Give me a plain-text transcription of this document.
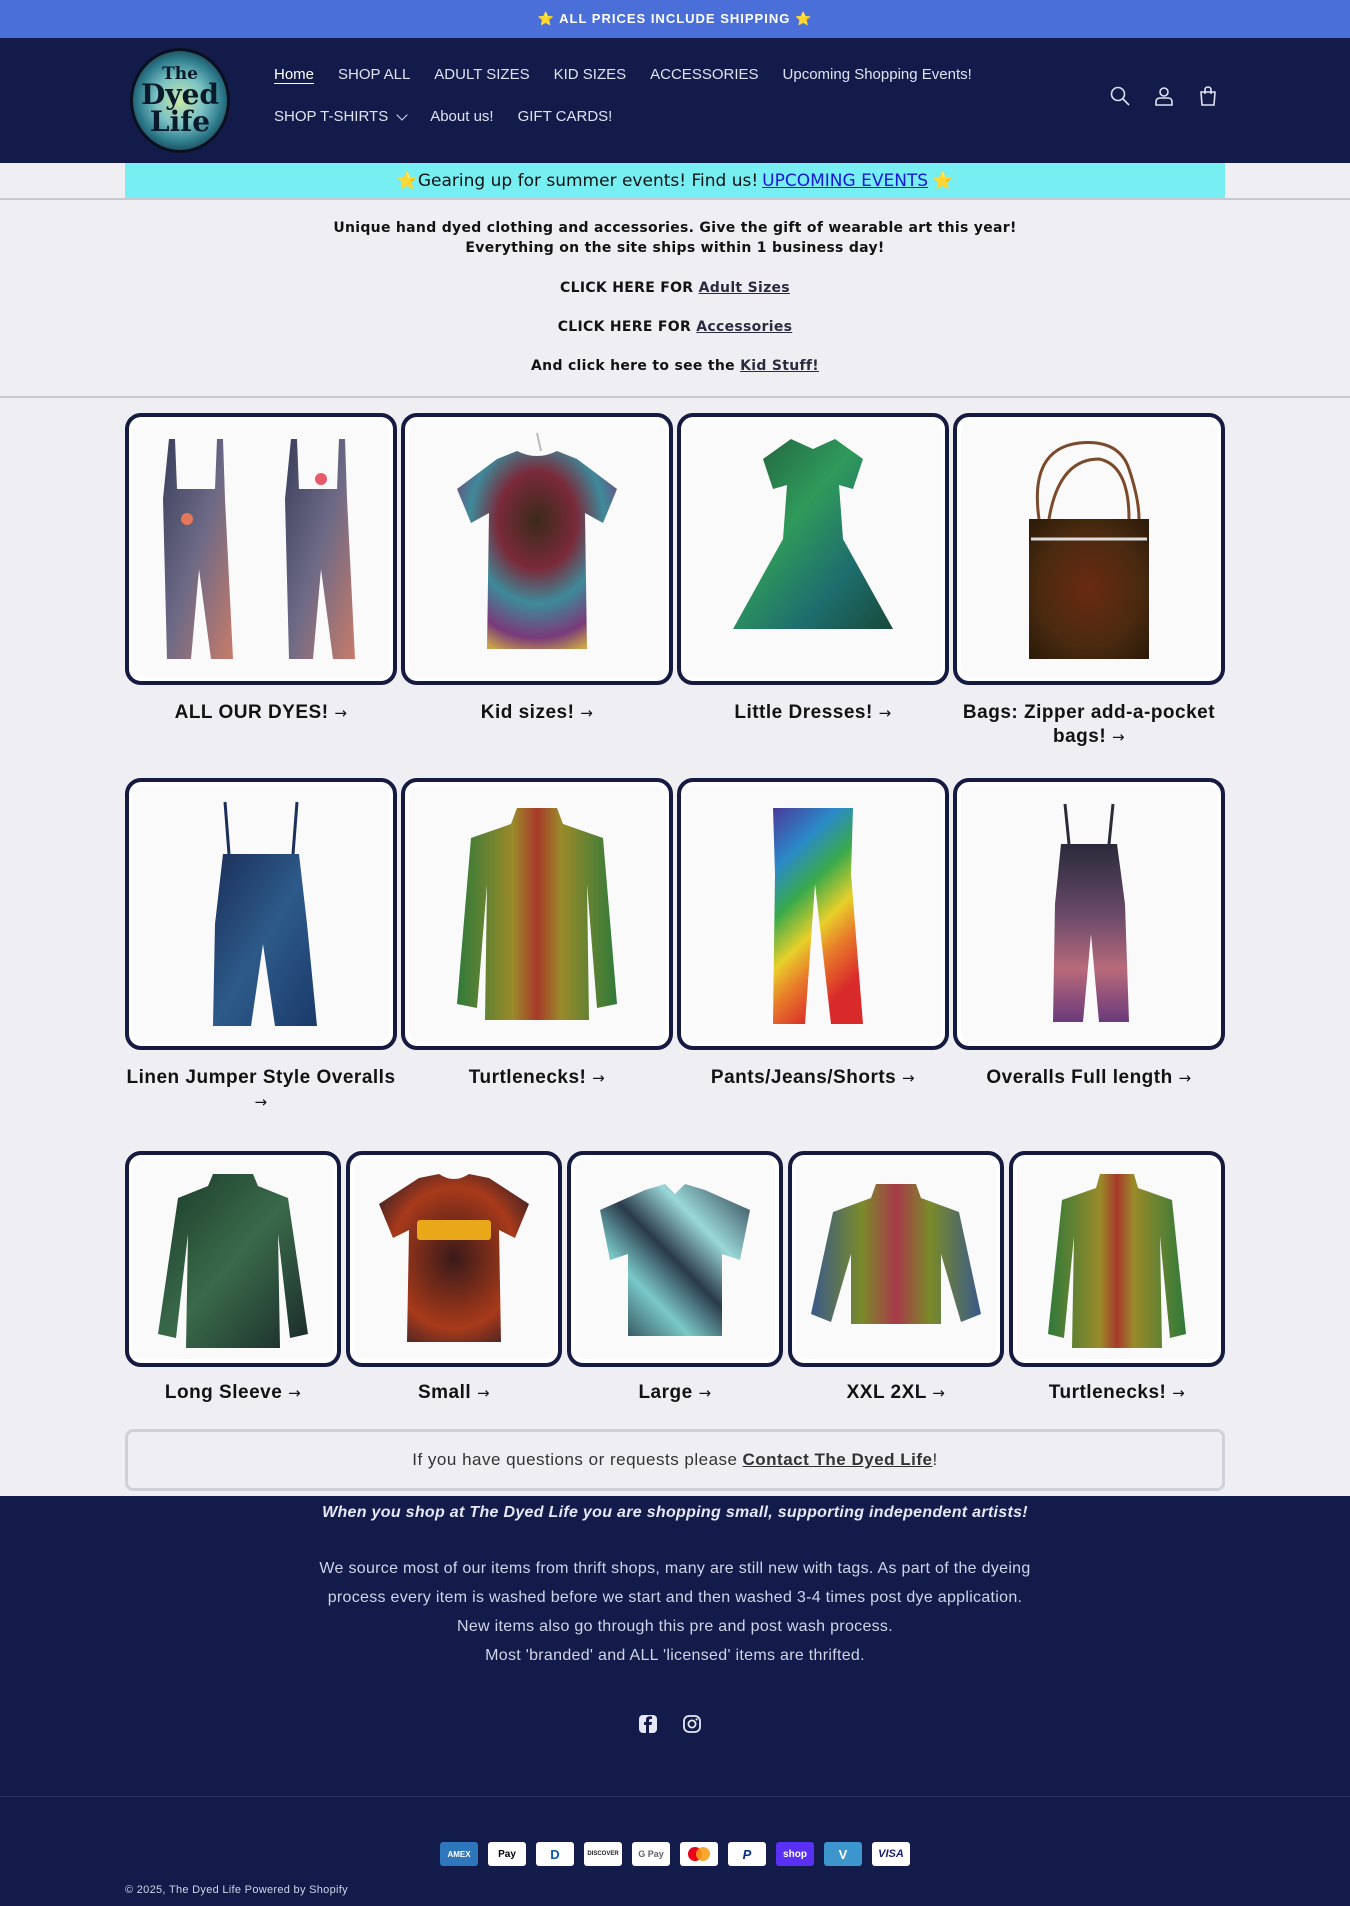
⭐ ALL PRICES INCLUDE SHIPPING ⭐
The
Dyed
Life
Home	SHOP ALL	ADULT SIZES	KID SIZES	ACCESSORIES	Upcoming Shopping Events!
SHOP T-SHIRTS	About us!	GIFT CARDS!
⭐Gearing up for summer events! Find us! UPCOMING EVENTS ⭐

Unique hand dyed clothing and accessories. Give the gift of wearable art this year!

Everything on the site ships within 1 business day!

CLICK HERE FOR Adult Sizes

CLICK HERE FOR Accessories

And click here to see the Kid Stuff!

ALL OUR DYES! →	Kid sizes! →	Little Dresses! →	Bags: Zipper add-a-pocket bags! →
Linen Jumper Style Overalls →
Turtlenecks! →	Pants/Jeans/Shorts →	Overalls Full length →
Long Sleeve →	Small →	Large →	XXL 2XL →	Turtlenecks! →
If you have questions or requests please Contact The Dyed Life !

When you shop at The Dyed Life you are shopping small, supporting independent artists!

We source most of our items from thrift shops, many are still new with tags. As part of the dyeing

process every item is washed before we start and then washed 3-4 times post dye application.

New items also go through this pre and post wash process.

Most 'branded' and ALL 'licensed' items are thrifted.

AMEX	Pay	D	DISCOVER	G Pay	P	shop	V	VISA

© 2025, The Dyed Life Powered by Shopify
